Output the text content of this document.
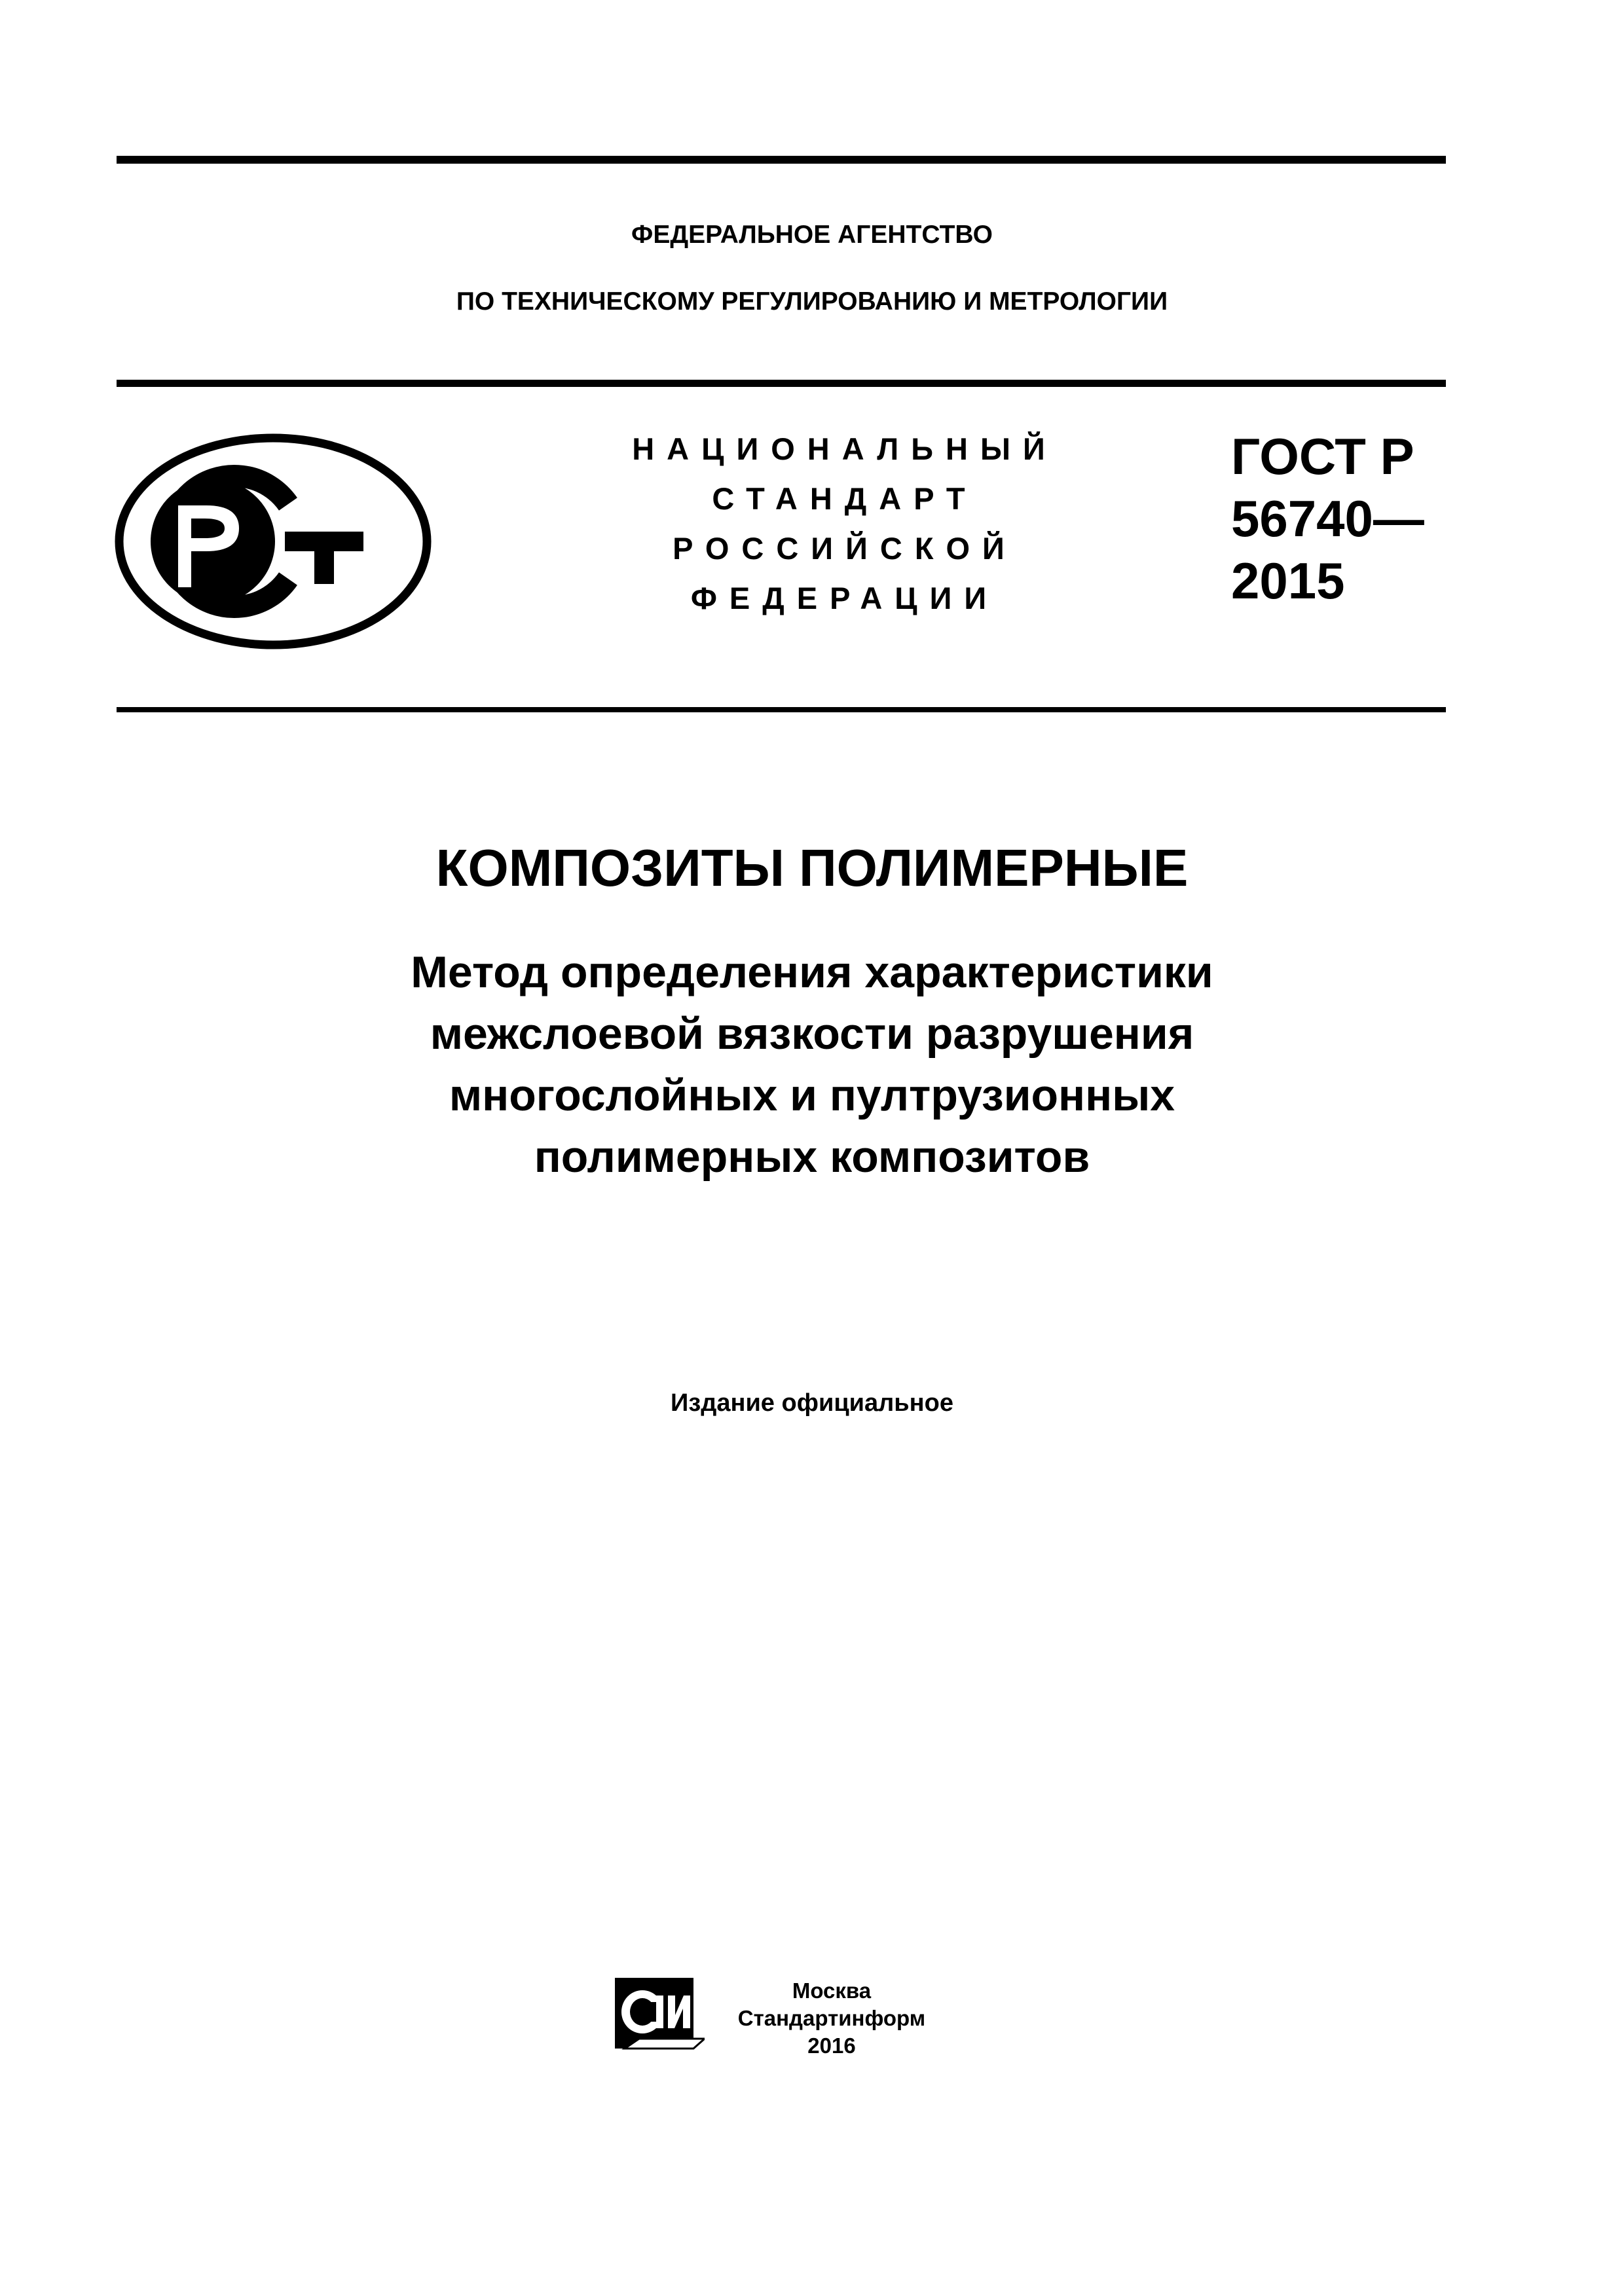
ФЕДЕРАЛЬНОЕ АГЕНТСТВО
ПО ТЕХНИЧЕСКОМУ РЕГУЛИРОВАНИЮ И МЕТРОЛОГИИ
НАЦИОНАЛЬНЫЙ
СТАНДАРТ
РОССИЙСКОЙ
ФЕДЕРАЦИИ
ГОСТ Р
56740—
2015
КОМПОЗИТЫ ПОЛИМЕРНЫЕ
Метод определения характеристики
межслоевой вязкости разрушения
многослойных и пултрузионных
полимерных композитов
Издание официальное
Москва
Стандартинформ
2016
